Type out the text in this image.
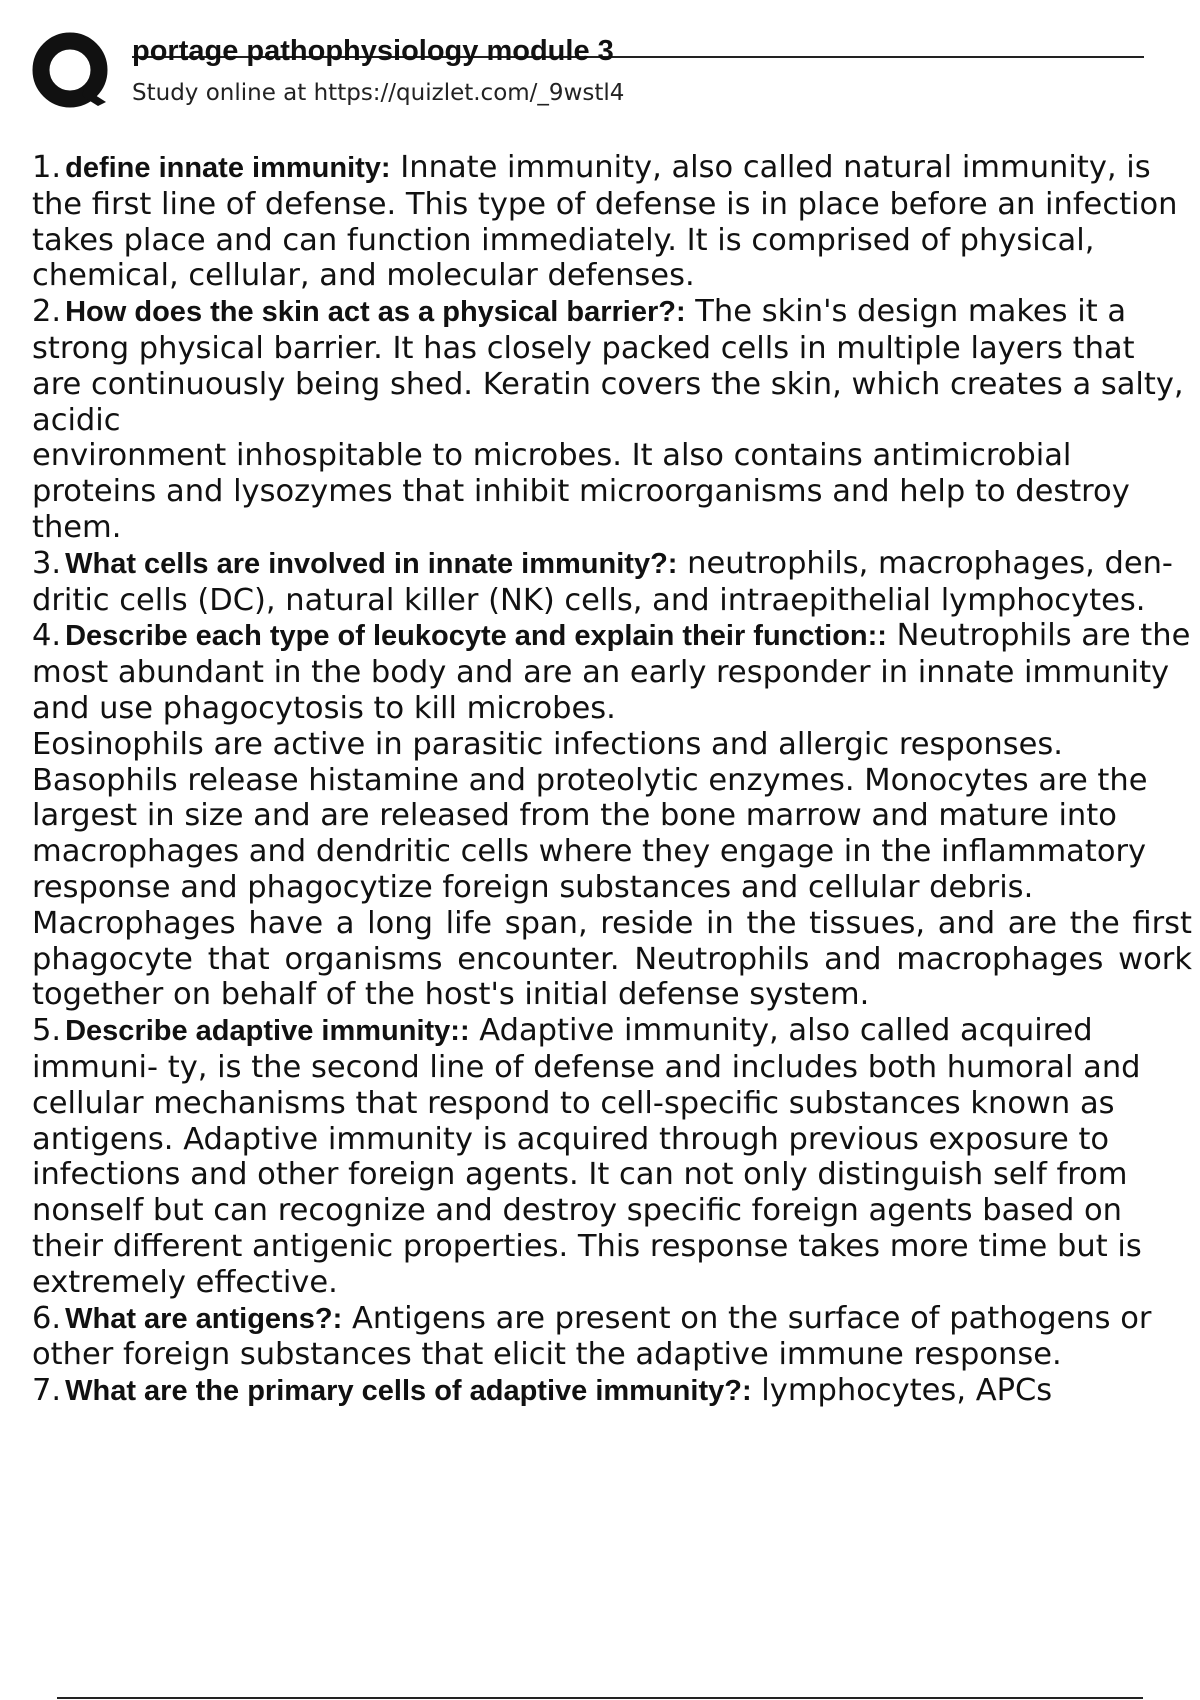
portage pathophysiology module 3
Study online at https://quizlet.com/_9wstl4

1. define innate immunity: Innate immunity, also called natural immunity, is the first line of defense. This type of defense is in place before an infection takes place and can function immediately. It is comprised of physical, chemical, cellular, and molecular defenses.

2. How does the skin act as a physical barrier?: The skin's design makes it a strong physical barrier. It has closely packed cells in multiple layers that are continuously being shed. Keratin covers the skin, which creates a salty, acidic

environment inhospitable to microbes. It also contains antimicrobial proteins and lysozymes that inhibit microorganisms and help to destroy them.

3. What cells are involved in innate immunity?: neutrophils, macrophages, den- dritic cells (DC), natural killer (NK) cells, and intraepithelial lymphocytes.

4. Describe each type of leukocyte and explain their function:: Neutrophils are the most abundant in the body and are an early responder in innate immunity and use phagocytosis to kill microbes.

Eosinophils are active in parasitic infections and allergic responses. Basophils release histamine and proteolytic enzymes. Monocytes are the largest in size and are released from the bone marrow and mature into macrophages and dendritic cells where they engage in the inflammatory response and phagocytize foreign substances and cellular debris.

Macrophages have a long life span, reside in the tissues, and are the first phagocyte that organisms encounter. Neutrophils and macrophages work together on behalf of the host's initial defense system.

5. Describe adaptive immunity:: Adaptive immunity, also called acquired immuni- ty, is the second line of defense and includes both humoral and cellular mechanisms that respond to cell-specific substances known as antigens. Adaptive immunity is acquired through previous exposure to infections and other foreign agents. It can not only distinguish self from nonself but can recognize and destroy specific foreign agents based on their different antigenic properties. This response takes more time but is extremely effective.

6. What are antigens?: Antigens are present on the surface of pathogens or other foreign substances that elicit the adaptive immune response.

7. What are the primary cells of adaptive immunity?: lymphocytes, APCs
